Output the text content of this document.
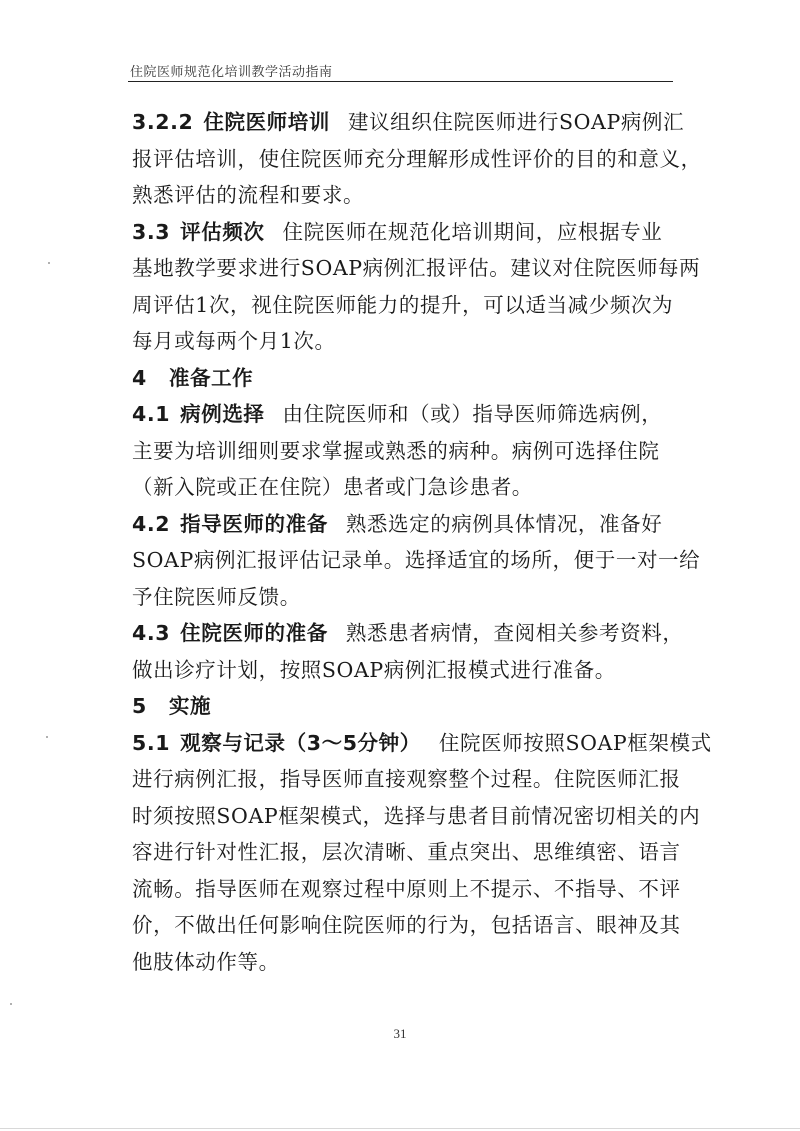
住院医师规范化培训教学活动指南
3.2.2 住院医师培训 建议组织住院医师进行SOAP病例汇
报评估培训，使住院医师充分理解形成性评价的目的和意义，
熟悉评估的流程和要求。
3.3 评估频次 住院医师在规范化培训期间，应根据专业
基地教学要求进行SOAP病例汇报评估。建议对住院医师每两
周评估1次，视住院医师能力的提升，可以适当减少频次为
每月或每两个月1次。
4 准备工作
4.1 病例选择 由住院医师和（或）指导医师筛选病例，
主要为培训细则要求掌握或熟悉的病种。病例可选择住院
（新入院或正在住院）患者或门急诊患者。
4.2 指导医师的准备 熟悉选定的病例具体情况，准备好
SOAP病例汇报评估记录单。选择适宜的场所，便于一对一给
予住院医师反馈。
4.3 住院医师的准备 熟悉患者病情，查阅相关参考资料，
做出诊疗计划，按照SOAP病例汇报模式进行准备。
5 实施
5.1 观察与记录（3～5分钟） 住院医师按照SOAP框架模式
进行病例汇报，指导医师直接观察整个过程。住院医师汇报
时须按照SOAP框架模式，选择与患者目前情况密切相关的内
容进行针对性汇报，层次清晰、重点突出、思维缜密、语言
流畅。指导医师在观察过程中原则上不提示、不指导、不评
价，不做出任何影响住院医师的行为，包括语言、眼神及其
他肢体动作等。
31
